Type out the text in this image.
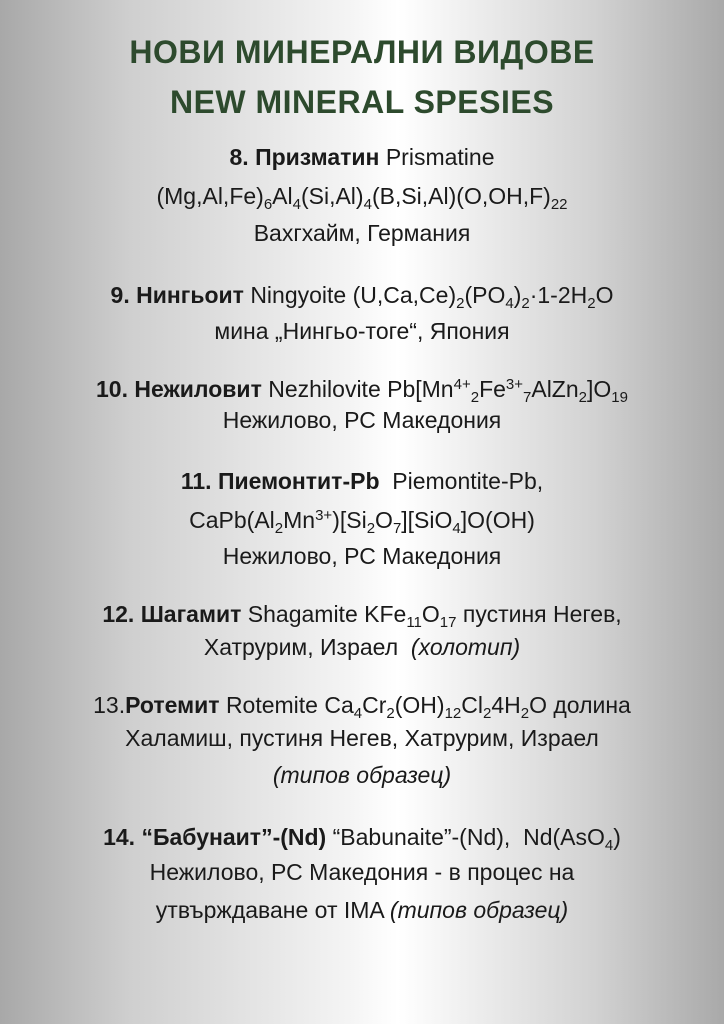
НОВИ МИНЕРАЛНИ ВИДОВЕ
NEW MINERAL SPESIES
8. Призматин Prismatine
$(Mg,Al,Fe)_6Al_4(Si,Al)_4(B,Si,Al)(O,OH,F)_{22}$
Вахгхайм, Германия
9. Нингьоит Ningyoite $(U,Ca,Ce)_2(PO_4)_2\cdot 1-2H_2O$
мина „Нингьо-тоге“, Япония
10. Нежиловит Nezhilovite $Pb[Mn^{4+}_2Fe^{3+}_7AlZn_2]O_{19}$
Нежилово, РС Македония
11. Пиемонтит-Pb Piemontite-Pb,
$CaPb(Al_2Mn^{3+})[Si_2O_7][SiO_4]O(OH)$
Нежилово, РС Македония
12. Шагамит Shagamite $KFe_{11}O_{17}$ пустиня Негев,
Хатрурим, Израел (холотип)
13.Ротемит Rotemite $Ca_4Cr_2(OH)_{12}Cl_24H_2O$ долина
Халамиш, пустиня Негев, Хатрурим, Израел
(типов образец)
14. “Бабунаит”-(Nd) “Babunaite”-(Nd), Nd(AsO$_4$)
Нежилово, РС Македония - в процес на
утвърждаване от IMA (типов образец)
